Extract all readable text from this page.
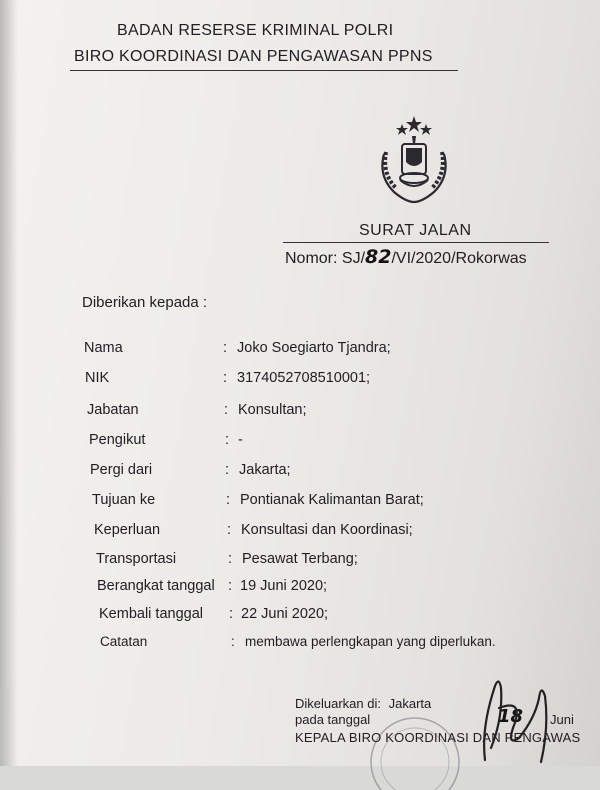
BADAN RESERSE KRIMINAL POLRI
BIRO KOORDINASI DAN PENGAWASAN PPNS
SURAT JALAN
Nomor: SJ/82/VI/2020/Rokorwas
Diberikan kepada :
Nama	: Joko Soegiarto Tjandra;
NIK	: 3174052708510001;
Jabatan	: Konsultan;
Pengikut	: -
Pergi dari	: Jakarta;
Tujuan ke	: Pontianak Kalimantan Barat;
Keperluan	: Konsultasi dan Koordinasi;
Transportasi	: Pesawat Terbang;
Berangkat tanggal : 19 Juni 2020;
Kembali tanggal : 22 Juni 2020;
Catatan	: membawa perlengkapan yang diperlukan.
Dikeluarkan di: Jakarta
pada tanggal	18 Juni
KEPALA BIRO KOORDINASI DAN PENGAWAS
